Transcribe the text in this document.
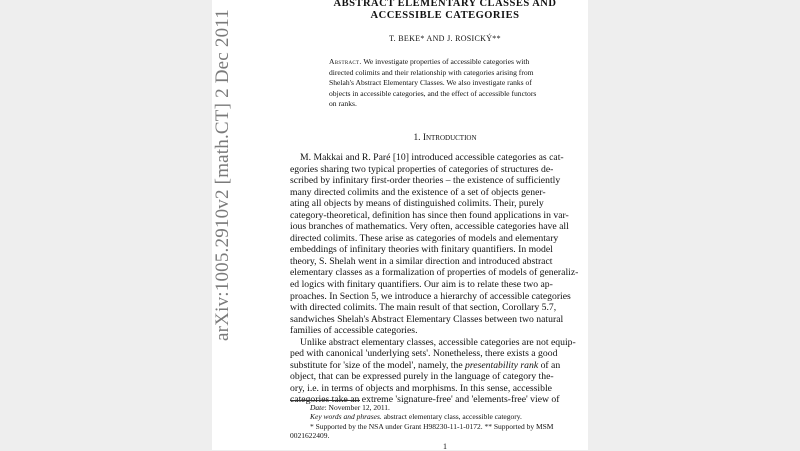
arXiv:1005.2910v2 [math.CT] 2 Dec 2011
ABSTRACT ELEMENTARY CLASSES AND
ACCESSIBLE CATEGORIES
T. BEKE* AND J. ROSICKÝ**
Abstract. We investigate properties of accessible categories with
directed colimits and their relationship with categories arising from
Shelah's Abstract Elementary Classes. We also investigate ranks of
objects in accessible categories, and the effect of accessible functors
on ranks.
1. Introduction
M. Makkai and R. Paré [10] introduced accessible categories as cat-
egories sharing two typical properties of categories of structures de-
scribed by infinitary first-order theories – the existence of sufficiently
many directed colimits and the existence of a set of objects gener-
ating all objects by means of distinguished colimits. Their, purely
category-theoretical, definition has since then found applications in var-
ious branches of mathematics. Very often, accessible categories have all
directed colimits. These arise as categories of models and elementary
embeddings of infinitary theories with finitary quantifiers. In model
theory, S. Shelah went in a similar direction and introduced abstract
elementary classes as a formalization of properties of models of generaliz-
ed logics with finitary quantifiers. Our aim is to relate these two ap-
proaches. In Section 5, we introduce a hierarchy of accessible categories
with directed colimits. The main result of that section, Corollary 5.7,
sandwiches Shelah's Abstract Elementary Classes between two natural
families of accessible categories.
Unlike abstract elementary classes, accessible categories are not equip-
ped with canonical 'underlying sets'. Nonetheless, there exists a good
substitute for 'size of the model', namely, the presentability rank of an
object, that can be expressed purely in the language of category the-
ory, i.e. in terms of objects and morphisms. In this sense, accessible
categories take an extreme 'signature-free' and 'elements-free' view of
Date: November 12, 2011.
Key words and phrases. abstract elementary class, accessible category.
* Supported by the NSA under Grant H98230-11-1-0172. ** Supported by MSM
0021622409.
1
